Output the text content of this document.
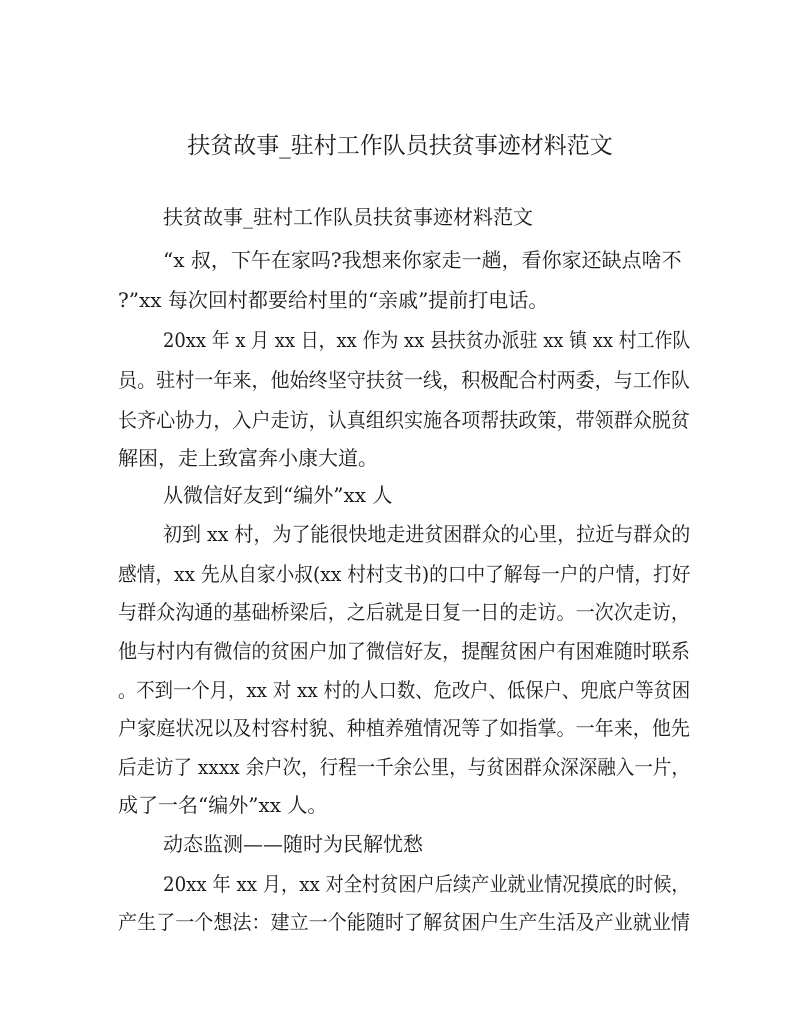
扶贫故事_驻村工作队员扶贫事迹材料范文
扶贫故事_驻村工作队员扶贫事迹材料范文
“x 叔，下午在家吗?我想来你家走一趟，看你家还缺点啥不
?”xx 每次回村都要给村里的“亲戚”提前打电话。
20xx 年 x 月 xx 日，xx 作为 xx 县扶贫办派驻 xx 镇 xx 村工作队
员。驻村一年来，他始终坚守扶贫一线，积极配合村两委，与工作队
长齐心协力，入户走访，认真组织实施各项帮扶政策，带领群众脱贫
解困，走上致富奔小康大道。
从微信好友到“编外”xx 人
初到 xx 村，为了能很快地走进贫困群众的心里，拉近与群众的
感情，xx 先从自家小叔(xx 村村支书)的口中了解每一户的户情，打好
与群众沟通的基础桥梁后，之后就是日复一日的走访。一次次走访，
他与村内有微信的贫困户加了微信好友，提醒贫困户有困难随时联系
。不到一个月，xx 对 xx 村的人口数、危改户、低保户、兜底户等贫困
户家庭状况以及村容村貌、种植养殖情况等了如指掌。一年来，他先
后走访了 xxxx 余户次，行程一千余公里，与贫困群众深深融入一片，
成了一名“编外”xx 人。
动态监测——随时为民解忧愁
20xx 年 xx 月，xx 对全村贫困户后续产业就业情况摸底的时候，
产生了一个想法：建立一个能随时了解贫困户生产生活及产业就业情
